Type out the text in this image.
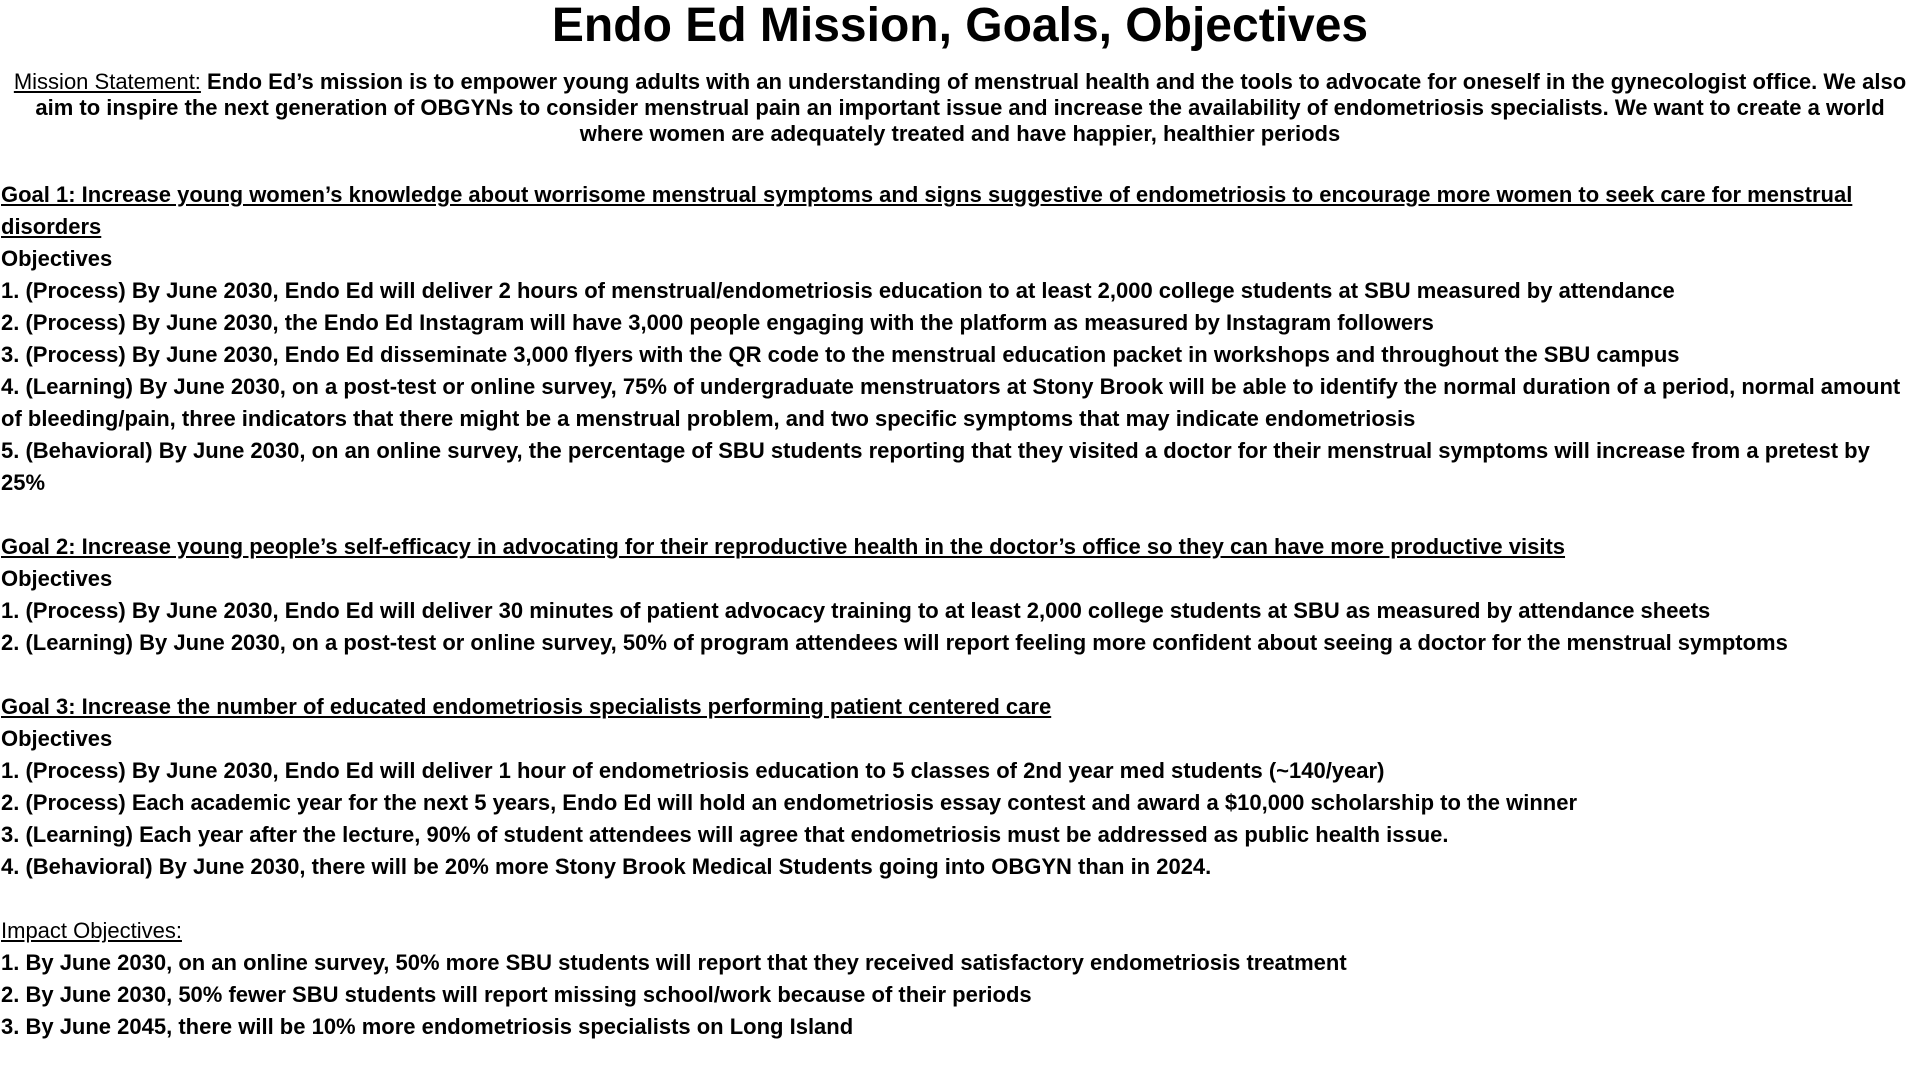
Endo Ed Mission, Goals, Objectives

Mission Statement: Endo Ed’s mission is to empower young adults with an understanding of menstrual health and the tools to advocate for oneself in the gynecologist office. We also aim to inspire the next generation of OBGYNs to consider menstrual pain an important issue and increase the availability of endometriosis specialists. We want to create a world where women are adequately treated and have happier, healthier periods

Goal 1: Increase young women’s knowledge about worrisome menstrual symptoms and signs suggestive of endometriosis to encourage more women to seek care for menstrual disorders
Objectives
1. (Process) By June 2030, Endo Ed will deliver 2 hours of menstrual/endometriosis education to at least 2,000 college students at SBU measured by attendance
2. (Process) By June 2030, the Endo Ed Instagram will have 3,000 people engaging with the platform as measured by Instagram followers
3. (Process) By June 2030, Endo Ed disseminate 3,000 flyers with the QR code to the menstrual education packet in workshops and throughout the SBU campus
4. (Learning) By June 2030, on a post-test or online survey, 75% of undergraduate menstruators at Stony Brook will be able to identify the normal duration of a period, normal amount of bleeding/pain, three indicators that there might be a menstrual problem, and two specific symptoms that may indicate endometriosis
5. (Behavioral) By June 2030, on an online survey, the percentage of SBU students reporting that they visited a doctor for their menstrual symptoms will increase from a pretest by 25%
Goal 2: Increase young people’s self-efficacy in advocating for their reproductive health in the doctor’s office so they can have more productive visits
Objectives
1. (Process) By June 2030, Endo Ed will deliver 30 minutes of patient advocacy training to at least 2,000 college students at SBU as measured by attendance sheets
2. (Learning) By June 2030, on a post-test or online survey, 50% of program attendees will report feeling more confident about seeing a doctor for the menstrual symptoms
Goal 3: Increase the number of educated endometriosis specialists performing patient centered care
Objectives
1. (Process) By June 2030, Endo Ed will deliver 1 hour of endometriosis education to 5 classes of 2nd year med students (~140/year)
2. (Process) Each academic year for the next 5 years, Endo Ed will hold an endometriosis essay contest and award a $10,000 scholarship to the winner
3. (Learning) Each year after the lecture, 90% of student attendees will agree that endometriosis must be addressed as public health issue.
4. (Behavioral) By June 2030, there will be 20% more Stony Brook Medical Students going into OBGYN than in 2024.
Impact Objectives:
1. By June 2030, on an online survey, 50% more SBU students will report that they received satisfactory endometriosis treatment
2. By June 2030, 50% fewer SBU students will report missing school/work because of their periods
3. By June 2045, there will be 10% more endometriosis specialists on Long Island
